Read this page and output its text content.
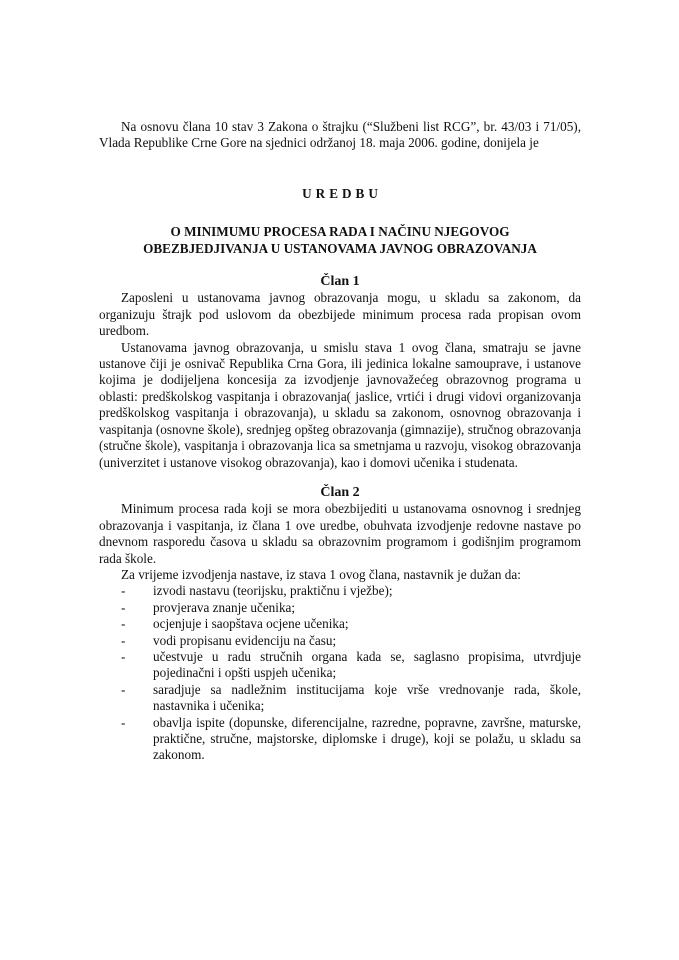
Na osnovu člana 10 stav 3 Zakona o štrajku (“Službeni list RCG”, br. 43/03 i 71/05), Vlada Republike Crne Gore na sjednici održanoj 18. maja 2006. godine, donijela je

UREDBU

O MINIMUMU PROCESA RADA I NAČINU NJEGOVOG
OBEZBJEDJIVANJA U USTANOVAMA JAVNOG OBRAZOVANJA

Član 1

Zaposleni u ustanovama javnog obrazovanja mogu, u skladu sa zakonom, da organizuju štrajk pod uslovom da obezbijede minimum procesa rada propisan ovom uredbom.

Ustanovama javnog obrazovanja, u smislu stava 1 ovog člana, smatraju se javne ustanove čiji je osnivač Republika Crna Gora, ili jedinica lokalne samouprave, i ustanove kojima je dodijeljena koncesija za izvodjenje javnovažećeg obrazovnog programa u oblasti: predškolskog vaspitanja i obrazovanja( jaslice, vrtići i drugi vidovi organizovanja predškolskog vaspitanja i obrazovanja), u skladu sa zakonom, osnovnog obrazovanja i vaspitanja (osnovne škole), srednjeg opšteg obrazovanja (gimnazije), stručnog obrazovanja (stručne škole), vaspitanja i obrazovanja lica sa smetnjama u razvoju, visokog obrazovanja (univerzitet i ustanove visokog obrazovanja), kao i domovi učenika i studenata.

Član 2

Minimum procesa rada koji se mora obezbijediti u ustanovama osnovnog i srednjeg obrazovanja i vaspitanja, iz člana 1 ove uredbe, obuhvata izvodjenje redovne nastave po dnevnom rasporedu časova u skladu sa obrazovnim programom i godišnjim programom rada škole.

Za vrijeme izvodjenja nastave, iz stava 1 ovog člana, nastavnik je dužan da:

- izvodi nastavu (teorijsku, praktičnu i vježbe);
- provjerava znanje učenika;
- ocjenjuje i saopštava ocjene učenika;
- vodi propisanu evidenciju na času;
- učestvuje u radu stručnih organa kada se, saglasno propisima, utvrdjuje pojedinačni i opšti uspjeh učenika;
- saradjuje sa nadležnim institucijama koje vrše vrednovanje rada, škole, nastavnika i učenika;
- obavlja ispite (dopunske, diferencijalne, razredne, popravne, završne, maturske, praktične, stručne, majstorske, diplomske i druge), koji se polažu, u skladu sa zakonom.
